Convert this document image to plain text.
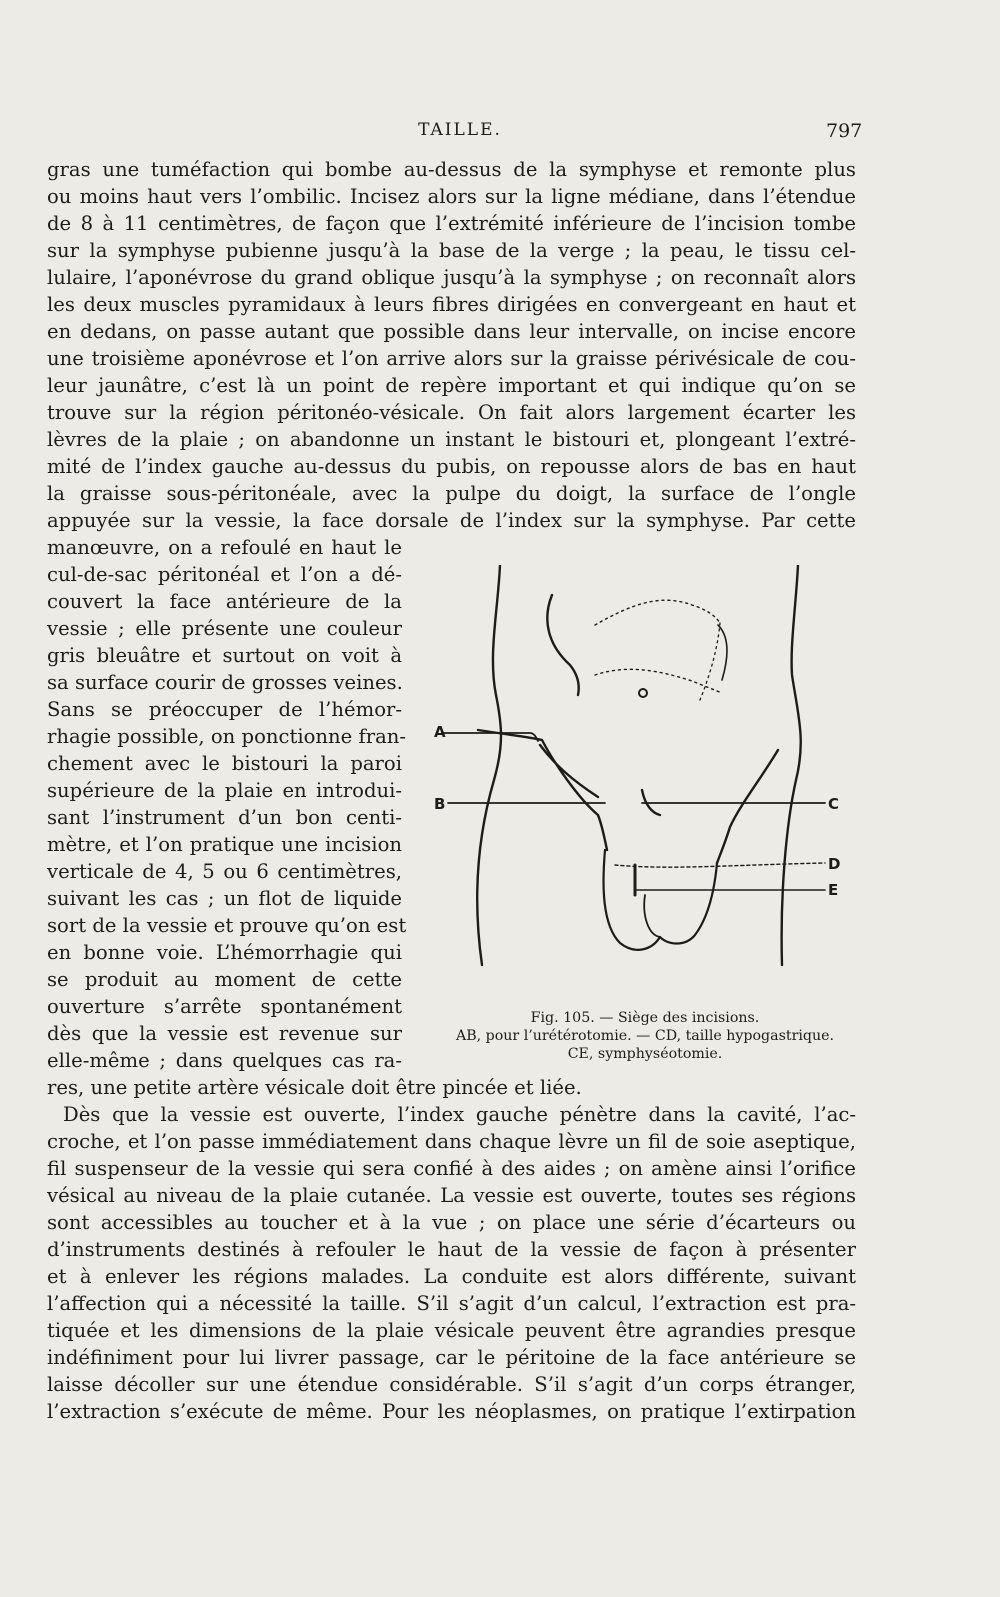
TAILLE.	797
gras une tuméfaction qui bombe au-dessus de la symphyse et remonte plus
ou moins haut vers l’ombilic. Incisez alors sur la ligne médiane, dans l’étendue
de 8 à 11 centimètres, de façon que l’extrémité inférieure de l’incision tombe
sur la symphyse pubienne jusqu’à la base de la verge ; la peau, le tissu cel-
lulaire, l’aponévrose du grand oblique jusqu’à la symphyse ; on reconnaît alors
les deux muscles pyramidaux à leurs fibres dirigées en convergeant en haut et
en dedans, on passe autant que possible dans leur intervalle, on incise encore
une troisième aponévrose et l’on arrive alors sur la graisse périvésicale de cou-
leur jaunâtre, c’est là un point de repère important et qui indique qu’on se
trouve sur la région péritonéo-vésicale. On fait alors largement écarter les
lèvres de la plaie ; on abandonne un instant le bistouri et, plongeant l’extré-
mité de l’index gauche au-dessus du pubis, on repousse alors de bas en haut
la graisse sous-péritonéale, avec la pulpe du doigt, la surface de l’ongle
appuyée sur la vessie, la face dorsale de l’index sur la symphyse. Par cette
manœuvre, on a refoulé en haut le
cul-de-sac péritonéal et l’on a dé-
couvert la face antérieure de la
vessie ; elle présente une couleur
gris bleuâtre et surtout on voit à
sa surface courir de grosses veines.
Sans se préoccuper de l’hémor-
rhagie possible, on ponctionne fran-
chement avec le bistouri la paroi
supérieure de la plaie en introdui-
sant l’instrument d’un bon centi-
mètre, et l’on pratique une incision
verticale de 4, 5 ou 6 centimètres,
suivant les cas ; un flot de liquide
sort de la vessie et prouve qu’on est
en bonne voie. L’hémorrhagie qui
se produit au moment de cette
ouverture s’arrête spontanément
dès que la vessie est revenue sur
elle-même ; dans quelques cas ra-
res, une petite artère vésicale doit être pincée et liée.
Dès que la vessie est ouverte, l’index gauche pénètre dans la cavité, l’ac-
croche, et l’on passe immédiatement dans chaque lèvre un fil de soie aseptique,
fil suspenseur de la vessie qui sera confié à des aides ; on amène ainsi l’orifice
vésical au niveau de la plaie cutanée. La vessie est ouverte, toutes ses régions
sont accessibles au toucher et à la vue ; on place une série d’écarteurs ou
d’instruments destinés à refouler le haut de la vessie de façon à présenter
et à enlever les régions malades. La conduite est alors différente, suivant
l’affection qui a nécessité la taille. S’il s’agit d’un calcul, l’extraction est pra-
tiquée et les dimensions de la plaie vésicale peuvent être agrandies presque
indéfiniment pour lui livrer passage, car le péritoine de la face antérieure se
laisse décoller sur une étendue considérable. S’il s’agit d’un corps étranger,
l’extraction s’exécute de même. Pour les néoplasmes, on pratique l’extirpation
A
B	C
D
E
Fig. 105. — Siège des incisions.
AB, pour l’urétérotomie. — CD, taille hypogastrique.
CE, symphyséotomie.
